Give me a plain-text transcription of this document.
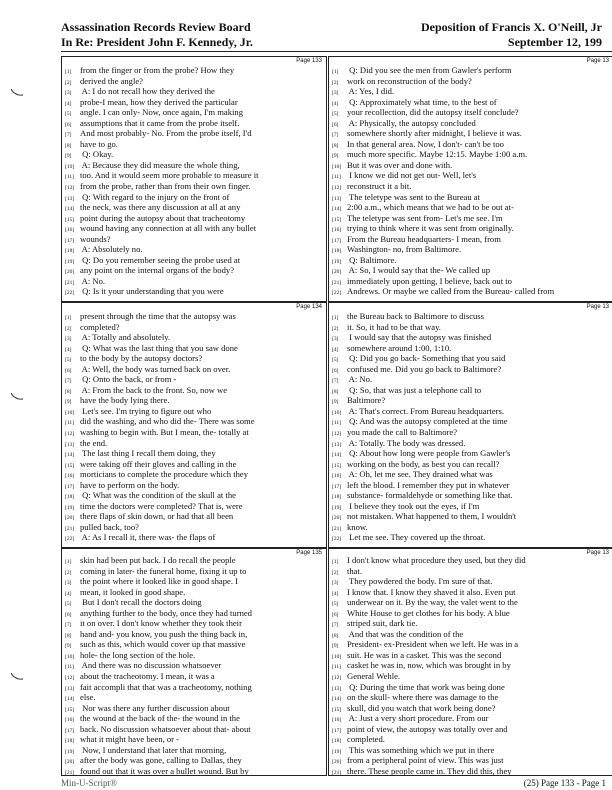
Assassination Records Review Board
In Re: President John F. Kennedy, Jr.
Deposition of Francis X. O'Neill, Jr
September 12, 199
Page 133
[1] from the finger or from the probe? How they
[2] derived the angle?
[3] A: I do not recall how they derived the
[4] probe-I mean, how they derived the particular
[5] angle. I can only- Now, once again, I'm making
[6] assumptions that it came from the probe itself.
[7] And most probably- No. From the probe itself, I'd
[8] have to go.
[9] Q: Okay.
[10] A: Because they did measure the whole thing,
[11] too. And it would seem more probable to measure it
[12] from the probe, rather than from their own finger.
[13] Q: With regard to the injury on the front of
[14] the neck, was there any discussion at all at any
[15] point during the autopsy about that tracheotomy
[16] wound having any connection at all with any bullet
[17] wounds?
[18] A: Absolutely no.
[19] Q: Do you remember seeing the probe used at
[20] any point on the internal organs of the body?
[21] A: No.
[22] Q: Is it your understanding that you were
Page 134
[1] present through the time that the autopsy was
[2] completed?
[3] A: Totally and absolutely.
[4] Q: What was the last thing that you saw done
[5] to the body by the autopsy doctors?
[6] A: Well, the body was turned back on over.
[7] Q: Onto the back, or from -
[8] A: From the back to the front. So, now we
[9] have the body lying there.
[10] Let's see. I'm trying to figure out who
[11] did the washing, and who did the- There was some
[12] washing to begin with. But I mean, the- totally at
[13] the end.
[14] The last thing I recall them doing, they
[15] were taking off their gloves and calling in the
[16] morticians to complete the procedure which they
[17] have to perform on the body.
[18] Q: What was the condition of the skull at the
[19] time the doctors were completed? That is, were
[20] there flaps of skin down, or had that all been
[21] pulled back, too?
[22] A: As I recall it, there was- the flaps of
Page 135
[1] skin had been put back. I do recall the people
[2] coming in later- the funeral home, fixing it up to
[3] the point where it looked like in good shape. I
[4] mean, it looked in good shape.
[5] But I don't recall the doctors doing
[6] anything further to the body, once they had turned
[7] it on over. I don't know whether they took their
[8] hand and- you know, you push the thing back in,
[9] such as this, which would cover up that massive
[10] hole- the long section of the hole.
[11] And there was no discussion whatsoever
[12] about the tracheotomy. I mean, it was a
[13] fait accompli that that was a tracheotomy, nothing
[14] else.
[15] Nor was there any further discussion about
[16] the wound at the back of the- the wound in the
[17] back. No discussion whatsoever about that- about
[18] what it might have been, or -
[19] Now, I understand that later that morning,
[20] after the body was gone, calling to Dallas, they
[21] found out that it was over a bullet wound. But by
Page 13
[1] Q: Did you see the men from Gawler's perform
[2] work on reconstruction of the body?
[3] A: Yes, I did.
[4] Q: Approximately what time, to the best of
[5] your recollection, did the autopsy itself conclude?
[6] A: Physically, the autopsy concluded
[7] somewhere shortly after midnight, I believe it was.
[8] In that general area. Now, I don't- can't be too
[9] much more specific. Maybe 12:15. Maybe 1:00 a.m.
[10] But it was over and done with.
[11] I know we did not get out- Well, let's
[12] reconstruct it a bit.
[13] The teletype was sent to the Bureau at
[14] 2:00 a.m., which means that we had to be out at-
[15] The teletype was sent from- Let's me see. I'm
[16] trying to think where it was sent from originally.
[17] From the Bureau headquarters- I mean, from
[18] Washington- no, from Baltimore.
[19] Q: Baltimore.
[20] A: So, I would say that the- We called up
[21] immediately upon getting, I believe, back out to
[22] Andrews. Or maybe we called from the Bureau- called from
Page 13
[1] the Bureau back to Baltimore to discuss
[2] it. So, it had to be that way.
[3] I would say that the autopsy was finished
[4] somewhere around 1:00, 1:10.
[5] Q: Did you go back- Something that you said
[6] confused me. Did you go back to Baltimore?
[7] A: No.
[8] Q: So, that was just a telephone call to
[9] Baltimore?
[10] A: That's correct. From Bureau headquarters.
[11] Q: And was the autopsy completed at the time
[12] you made the call to Baltimore?
[13] A: Totally. The body was dressed.
[14] Q: About how long were people from Gawler's
[15] working on the body, as best you can recall?
[16] A: Oh, let me see. They drained what was
[17] left the blood. I remember they put in whatever
[18] substance- formaldehyde or something like that.
[19] I believe they took out the eyes, if I'm
[20] not mistaken. What happened to them, I wouldn't
[21] know.
[22] Let me see. They covered up the throat.
Page 13
[1] I don't know what procedure they used, but they did
[2] that.
[3] They powdered the body. I'm sure of that.
[4] I know that. I know they shaved it also. Even put
[5] underwear on it. By the way, the valet went to the
[6] White House to get clothes for his body. A blue
[7] striped suit, dark tie.
[8] And that was the condition of the
[9] President- ex-President when we left. He was in a
[10] suit. He was in a casket. This was the second
[11] casket he was in, now, which was brought in by
[12] General Wehle.
[13] Q: During the time that work was being done
[14] on the skull- where there was damage to the
[15] skull, did you watch that work being done?
[16] A: Just a very short procedure. From our
[17] point of view, the autopsy was totally over and
[18] completed.
[19] This was something which we put in there
[20] from a peripheral point of view. This was just
[21] there. These people came in. They did this, they
Min-U-Script®	(25) Page 133 - Page 1
